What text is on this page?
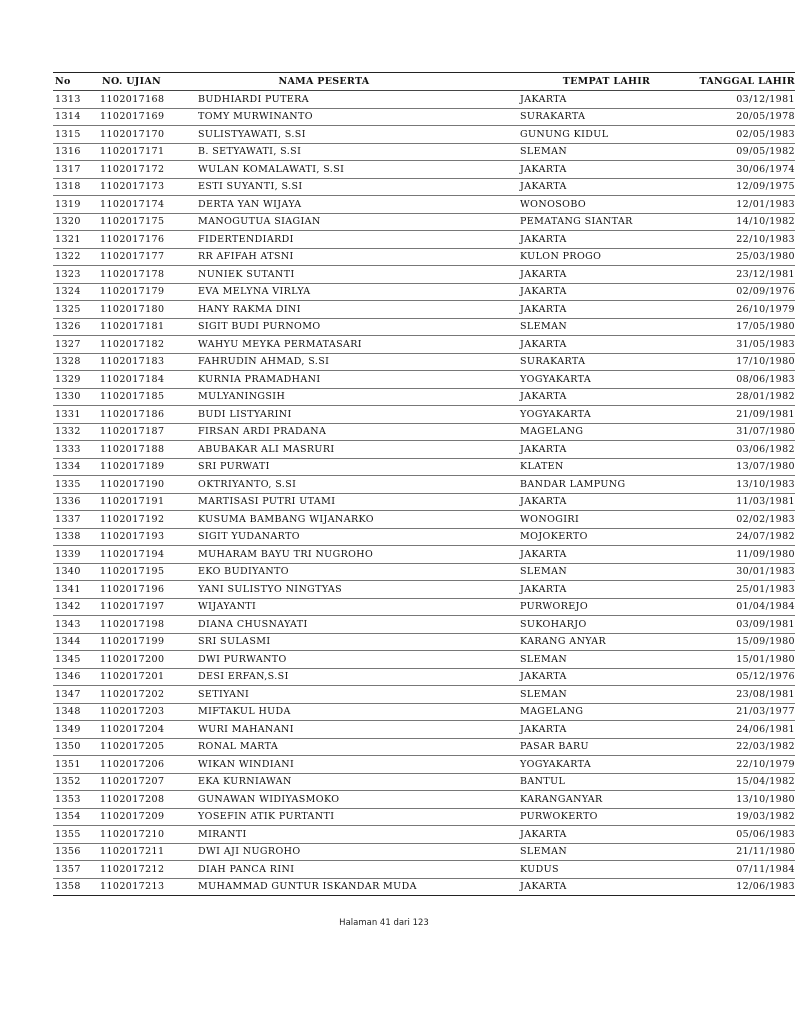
No	NO. UJIAN	NAMA PESERTA	TEMPAT LAHIR	TANGGAL LAHIR
1313	1102017168	BUDHIARDI PUTERA	JAKARTA	03/12/1981
1314	1102017169	TOMY MURWINANTO	SURAKARTA	20/05/1978
1315	1102017170	SULISTYAWATI, S.SI	GUNUNG KIDUL	02/05/1983
1316	1102017171	B. SETYAWATI, S.SI	SLEMAN	09/05/1982
1317	1102017172	WULAN KOMALAWATI, S.SI	JAKARTA	30/06/1974
1318	1102017173	ESTI SUYANTI, S.SI	JAKARTA	12/09/1975
1319	1102017174	DERTA YAN WIJAYA	WONOSOBO	12/01/1983
1320	1102017175	MANOGUTUA SIAGIAN	PEMATANG SIANTAR	14/10/1982
1321	1102017176	FIDERTENDIARDI	JAKARTA	22/10/1983
1322	1102017177	RR AFIFAH ATSNI	KULON PROGO	25/03/1980
1323	1102017178	NUNIEK SUTANTI	JAKARTA	23/12/1981
1324	1102017179	EVA MELYNA VIRLYA	JAKARTA	02/09/1976
1325	1102017180	HANY RAKMA DINI	JAKARTA	26/10/1979
1326	1102017181	SIGIT BUDI PURNOMO	SLEMAN	17/05/1980
1327	1102017182	WAHYU MEYKA PERMATASARI	JAKARTA	31/05/1983
1328	1102017183	FAHRUDIN AHMAD, S.SI	SURAKARTA	17/10/1980
1329	1102017184	KURNIA PRAMADHANI	YOGYAKARTA	08/06/1983
1330	1102017185	MULYANINGSIH	JAKARTA	28/01/1982
1331	1102017186	BUDI LISTYARINI	YOGYAKARTA	21/09/1981
1332	1102017187	FIRSAN ARDI PRADANA	MAGELANG	31/07/1980
1333	1102017188	ABUBAKAR ALI MASRURI	JAKARTA	03/06/1982
1334	1102017189	SRI PURWATI	KLATEN	13/07/1980
1335	1102017190	OKTRIYANTO, S.SI	BANDAR LAMPUNG	13/10/1983
1336	1102017191	MARTISASI PUTRI UTAMI	JAKARTA	11/03/1981
1337	1102017192	KUSUMA BAMBANG WIJANARKO	WONOGIRI	02/02/1983
1338	1102017193	SIGIT YUDANARTO	MOJOKERTO	24/07/1982
1339	1102017194	MUHARAM BAYU TRI NUGROHO	JAKARTA	11/09/1980
1340	1102017195	EKO BUDIYANTO	SLEMAN	30/01/1983
1341	1102017196	YANI SULISTYO NINGTYAS	JAKARTA	25/01/1983
1342	1102017197	WIJAYANTI	PURWOREJO	01/04/1984
1343	1102017198	DIANA CHUSNAYATI	SUKOHARJO	03/09/1981
1344	1102017199	SRI SULASMI	KARANG ANYAR	15/09/1980
1345	1102017200	DWI PURWANTO	SLEMAN	15/01/1980
1346	1102017201	DESI ERFAN,S.SI	JAKARTA	05/12/1976
1347	1102017202	SETIYANI	SLEMAN	23/08/1981
1348	1102017203	MIFTAKUL HUDA	MAGELANG	21/03/1977
1349	1102017204	WURI MAHANANI	JAKARTA	24/06/1981
1350	1102017205	RONAL MARTA	PASAR BARU	22/03/1982
1351	1102017206	WIKAN WINDIANI	YOGYAKARTA	22/10/1979
1352	1102017207	EKA KURNIAWAN	BANTUL	15/04/1982
1353	1102017208	GUNAWAN WIDIYASMOKO	KARANGANYAR	13/10/1980
1354	1102017209	YOSEFIN ATIK PURTANTI	PURWOKERTO	19/03/1982
1355	1102017210	MIRANTI	JAKARTA	05/06/1983
1356	1102017211	DWI AJI NUGROHO	SLEMAN	21/11/1980
1357	1102017212	DIAH PANCA RINI	KUDUS	07/11/1984
1358	1102017213	MUHAMMAD GUNTUR ISKANDAR MUDA	JAKARTA	12/06/1983
Halaman 41 dari 123
